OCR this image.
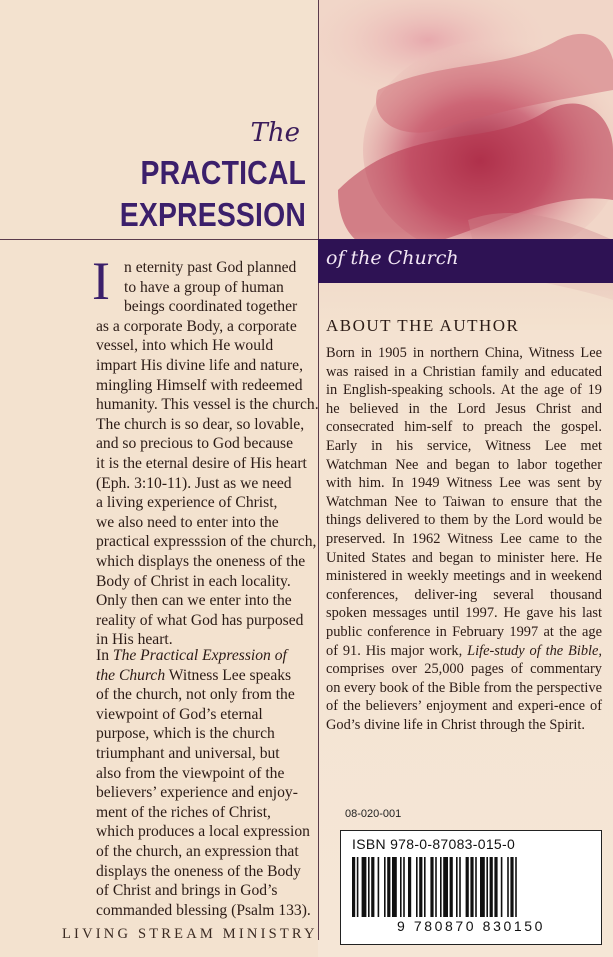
The
PRACTICAL
EXPRESSION
of the Church
I n eternity past God planned
to have a group of human
beings coordinated together
as a corporate Body, a corporate
vessel, into which He would
impart His divine life and nature,
mingling Himself with redeemed
humanity. This vessel is the church.
The church is so dear, so lovable,
and so precious to God because
it is the eternal desire of His heart
(Eph. 3:10-11). Just as we need
a living experience of Christ,
we also need to enter into the
practical expresssion of the church,
which displays the oneness of the
Body of Christ in each locality.
Only then can we enter into the
reality of what God has purposed
in His heart.
In The Practical Expression of
the Church Witness Lee speaks
of the church, not only from the
viewpoint of God’s eternal
purpose, which is the church
triumphant and universal, but
also from the viewpoint of the
believers’ experience and enjoy-
ment of the riches of Christ,
which produces a local expression
of the church, an expression that
displays the oneness of the Body
of Christ and brings in God’s
commanded blessing (Psalm 133).
ABOUT THE AUTHOR
Born in 1905 in northern China, Witness Lee was raised in a Christian family and educated in English-speaking schools. At the age of 19 he believed in the Lord Jesus Christ and consecrated him-self to preach the gospel. Early in his service, Witness Lee met Watchman Nee and began to labor together with him. In 1949 Witness Lee was sent by Watchman Nee to Taiwan to ensure that the things delivered to them by the Lord would be preserved. In 1962 Witness Lee came to the United States and began to minister here. He ministered in weekly meetings and in weekend conferences, deliver-ing several thousand spoken messages until 1997. He gave his last public conference in February 1997 at the age of 91. His major work, Life-study of the Bible, comprises over 25,000 pages of commentary on every book of the Bible from the perspective of the believers’ enjoyment and experi-ence of God’s divine life in Christ through the Spirit.
08-020-001
ISBN 978-0-87083-015-0
9 780870 830150
LIVING STREAM MINISTRY
